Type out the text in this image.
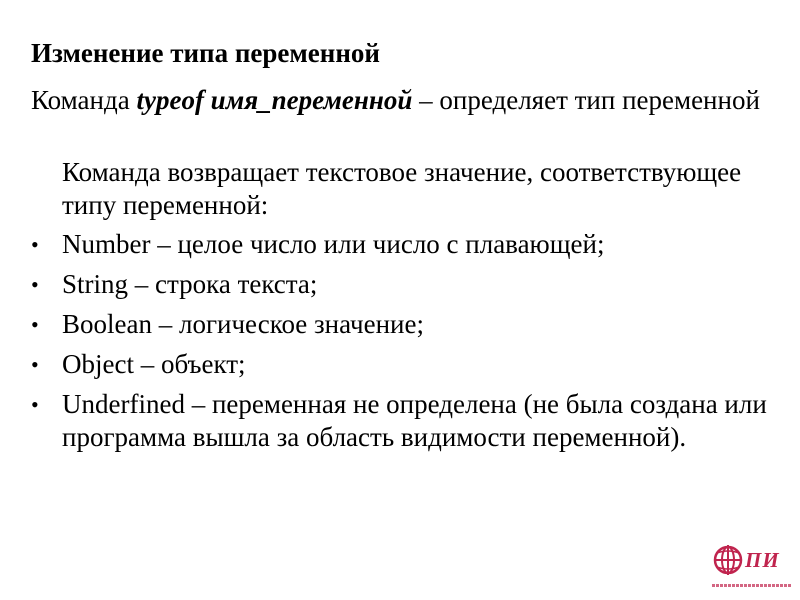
Изменение типа переменной

Команда typeof имя_переменной – определяет тип переменной

Команда возвращает текстовое значение, соответствующее типу переменной:

• Number – целое число или число с плавающей;
• String – строка текста;
• Boolean – логическое значение;
• Object – объект;
• Underfined – переменная не определена (не была создана или программа вышла за область видимости переменной).
ПИ
